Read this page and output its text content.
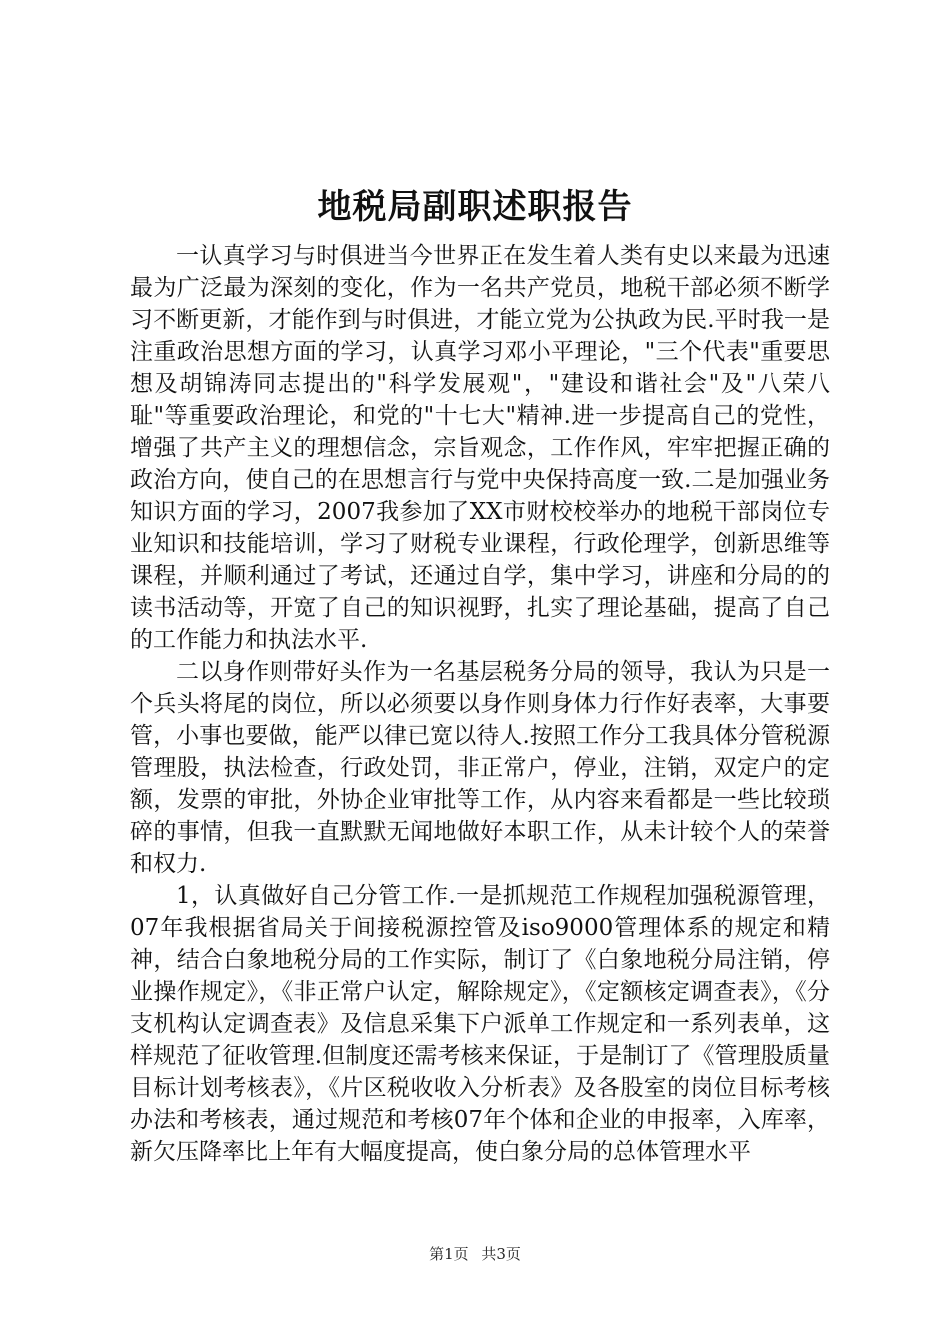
地税局副职述职报告

一认真学习与时俱进当今世界正在发生着人类有史以来最为迅速最为广泛最为深刻的变化，作为一名共产党员，地税干部必须不断学习不断更新，才能作到与时俱进，才能立党为公执政为民.平时我一是注重政治思想方面的学习，认真学习邓小平理论，"三个代表"重要思想及胡锦涛同志提出的"科学发展观"，"建设和谐社会"及"八荣八耻"等重要政治理论，和党的"十七大"精神.进一步提高自己的党性，增强了共产主义的理想信念，宗旨观念，工作作风，牢牢把握正确的政治方向，使自己的在思想言行与党中央保持高度一致.二是加强业务知识方面的学习，2007我参加了XX市财校校举办的地税干部岗位专业知识和技能培训，学习了财税专业课程，行政伦理学，创新思维等课程，并顺利通过了考试，还通过自学，集中学习，讲座和分局的的读书活动等，开宽了自己的知识视野，扎实了理论基础，提高了自己的工作能力和执法水平.

二以身作则带好头作为一名基层税务分局的领导，我认为只是一个兵头将尾的岗位，所以必须要以身作则身体力行作好表率，大事要管，小事也要做，能严以律已宽以待人.按照工作分工我具体分管税源管理股，执法检查，行政处罚，非正常户，停业，注销，双定户的定额，发票的审批，外协企业审批等工作，从内容来看都是一些比较琐碎的事情，但我一直默默无闻地做好本职工作，从未计较个人的荣誉和权力.

1，认真做好自己分管工作.一是抓规范工作规程加强税源管理，07年我根据省局关于间接税源控管及iso9000管理体系的规定和精神，结合白象地税分局的工作实际，制订了《白象地税分局注销，停业操作规定》，《非正常户认定，解除规定》，《定额核定调查表》，《分支机构认定调查表》及信息采集下户派单工作规定和一系列表单，这样规范了征收管理.但制度还需考核来保证，于是制订了《管理股质量目标计划考核表》，《片区税收收入分析表》及各股室的岗位目标考核办法和考核表，通过规范和考核07年个体和企业的申报率，入库率，新欠压降率比上年有大幅度提高，使白象分局的总体管理水平

第1页 共3页
